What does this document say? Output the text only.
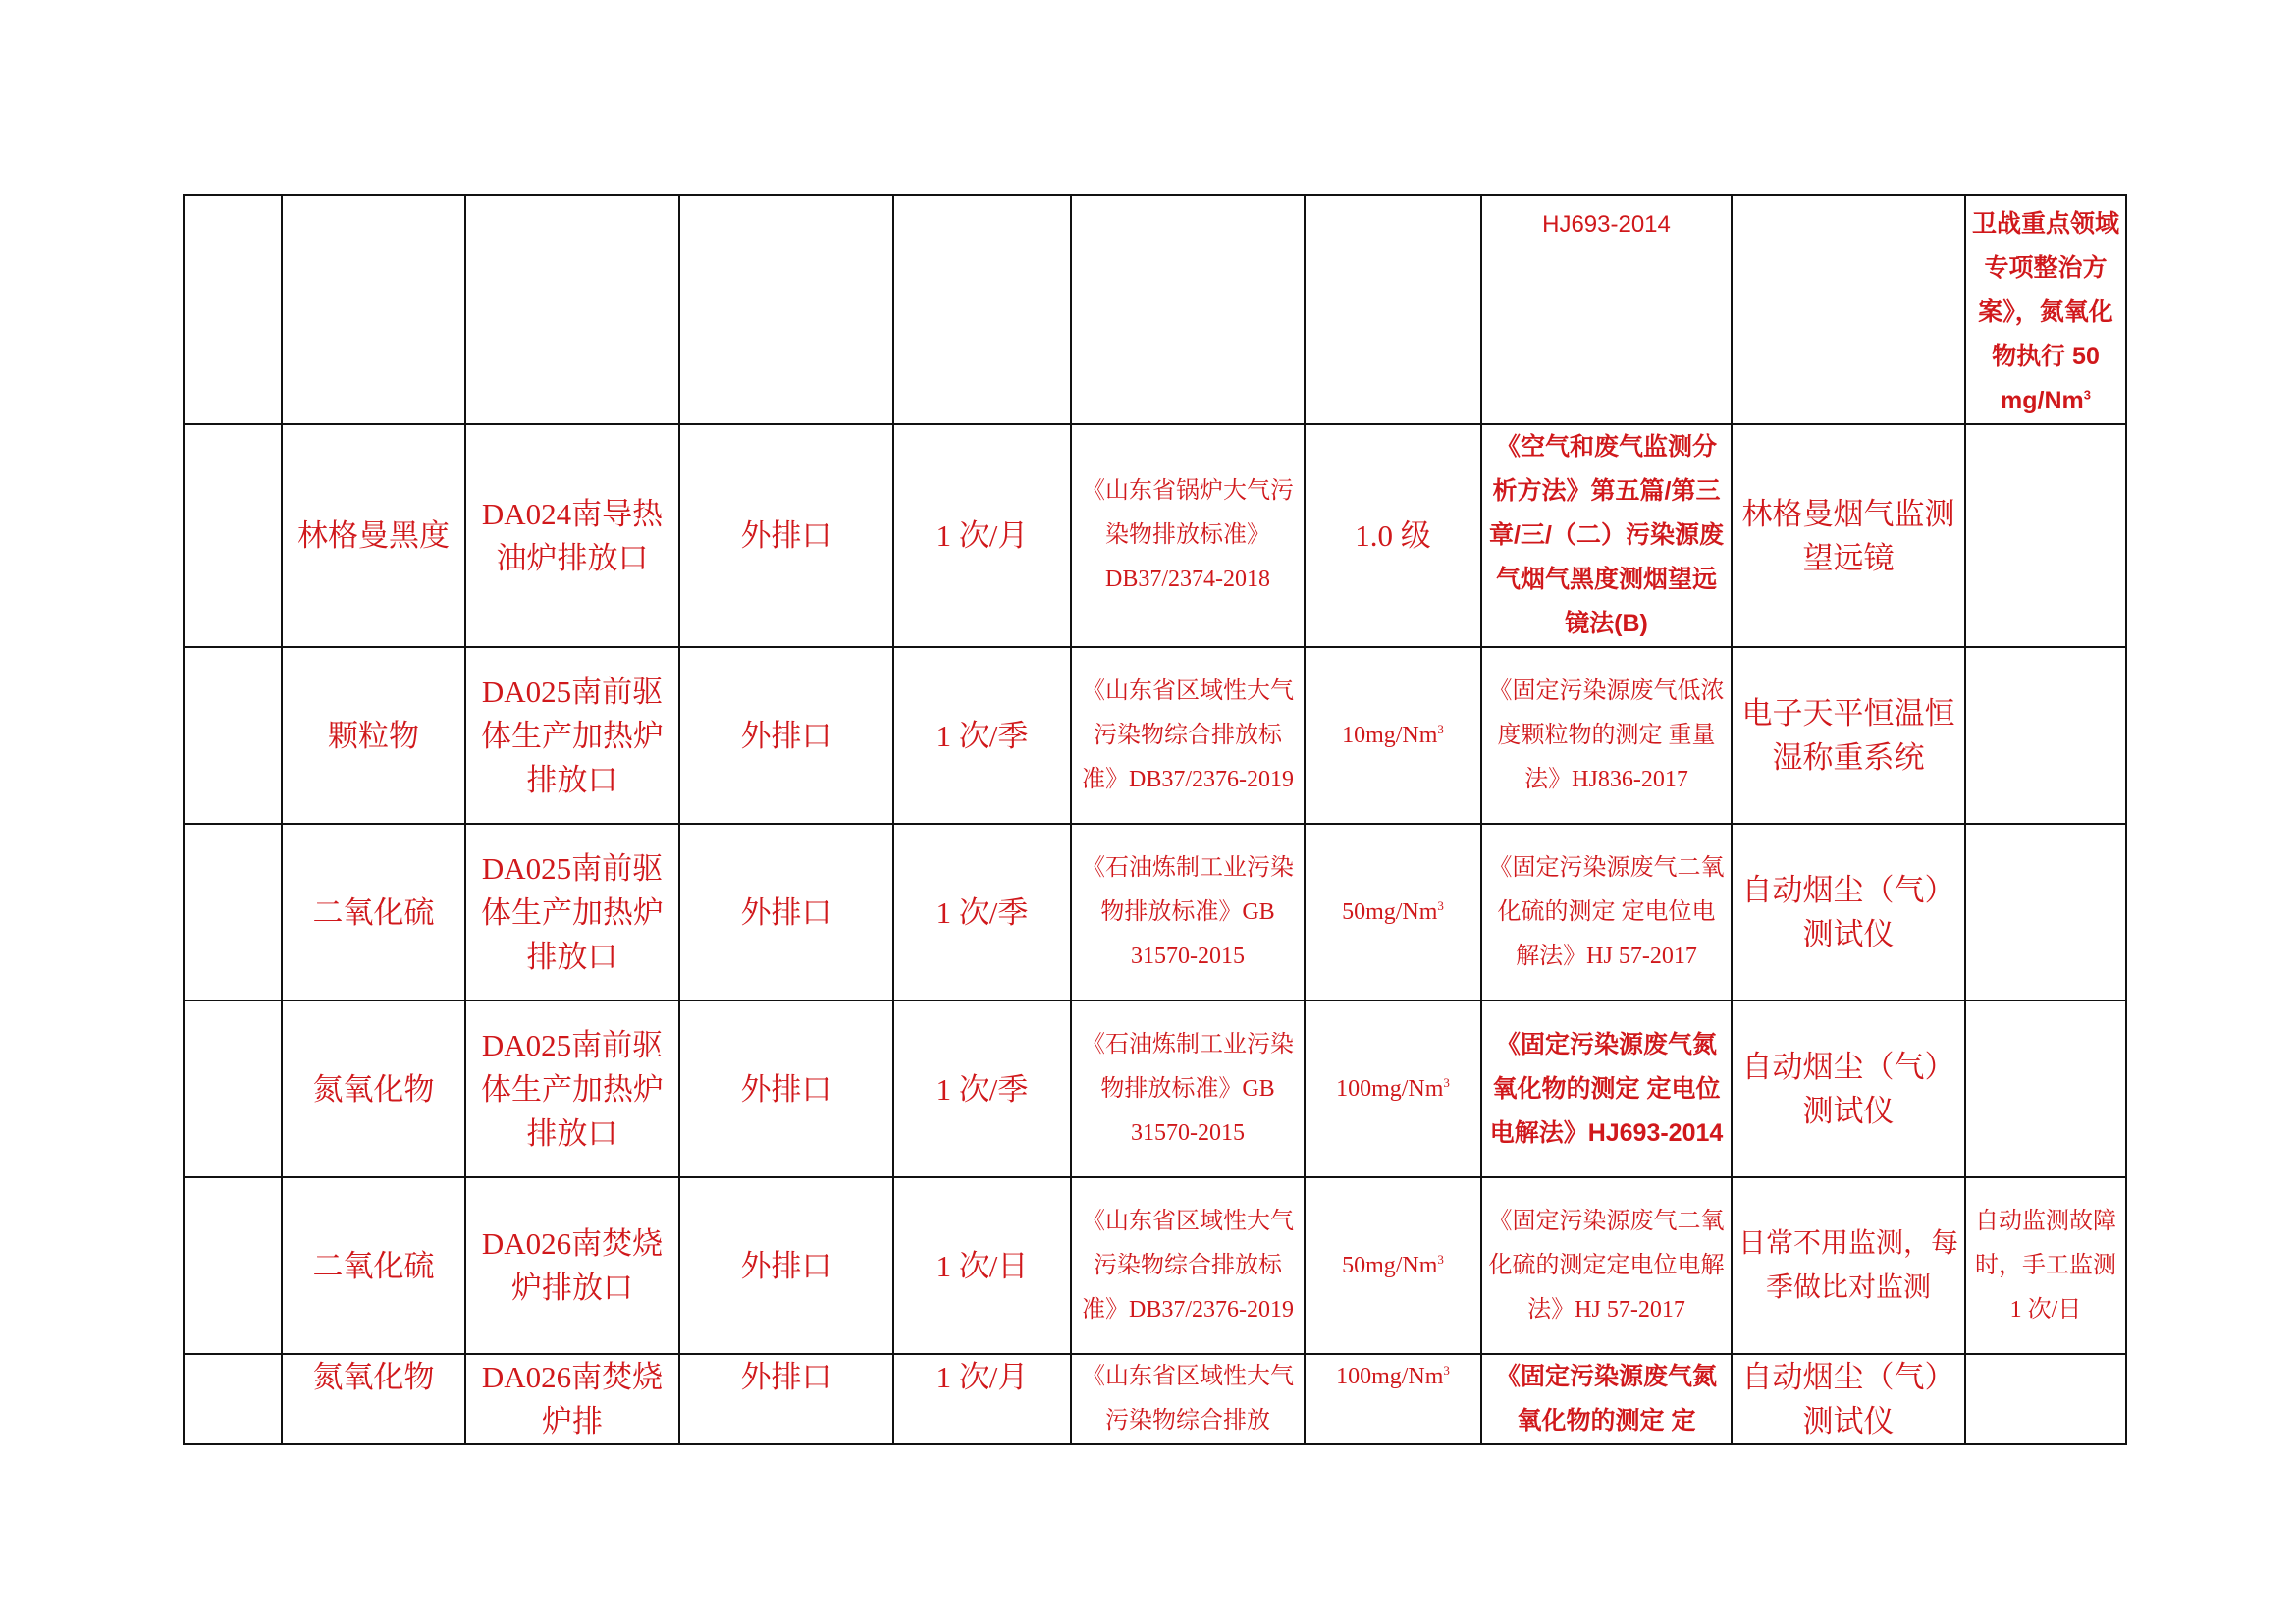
							HJ693-2014		卫战重点领域专项整治方案》，氮氧化物执行 50 mg/Nm$^3$
	林格曼黑度	DA024南导热油炉排放口	外排口	1 次/月	《山东省锅炉大气污染物排放标准》DB37/2374-2018	1.0 级	《空气和废气监测分析方法》第五篇/第三章/三/（二）污染源废气烟气黑度测烟望远镜法(B)	林格曼烟气监测望远镜	
	颗粒物	DA025南前驱体生产加热炉排放口	外排口	1 次/季	《山东省区域性大气污染物综合排放标准》DB37/2376-2019	10mg/Nm$^3$	《固定污染源废气低浓度颗粒物的测定 重量法》HJ836-2017	电子天平恒温恒湿称重系统	
	二氧化硫	DA025南前驱体生产加热炉排放口	外排口	1 次/季	《石油炼制工业污染物排放标准》GB 31570-2015	50mg/Nm$^3$	《固定污染源废气二氧化硫的测定 定电位电解法》HJ 57-2017	自动烟尘（气）测试仪	
	氮氧化物	DA025南前驱体生产加热炉排放口	外排口	1 次/季	《石油炼制工业污染物排放标准》GB 31570-2015	100mg/Nm$^3$	《固定污染源废气氮氧化物的测定 定电位电解法》HJ693-2014	自动烟尘（气）测试仪	
	二氧化硫	DA026南焚烧炉排放口	外排口	1 次/日	《山东省区域性大气污染物综合排放标准》DB37/2376-2019	50mg/Nm$^3$	《固定污染源废气二氧化硫的测定定电位电解法》HJ 57-2017	日常不用监测，每季做比对监测	自动监测故障时，手工监测 1 次/日
	氮氧化物	DA026南焚烧炉排	外排口	1 次/月	《山东省区域性大气污染物综合排放	100mg/Nm$^3$	《固定污染源废气氮氧化物的测定 定	自动烟尘（气）测试仪	
